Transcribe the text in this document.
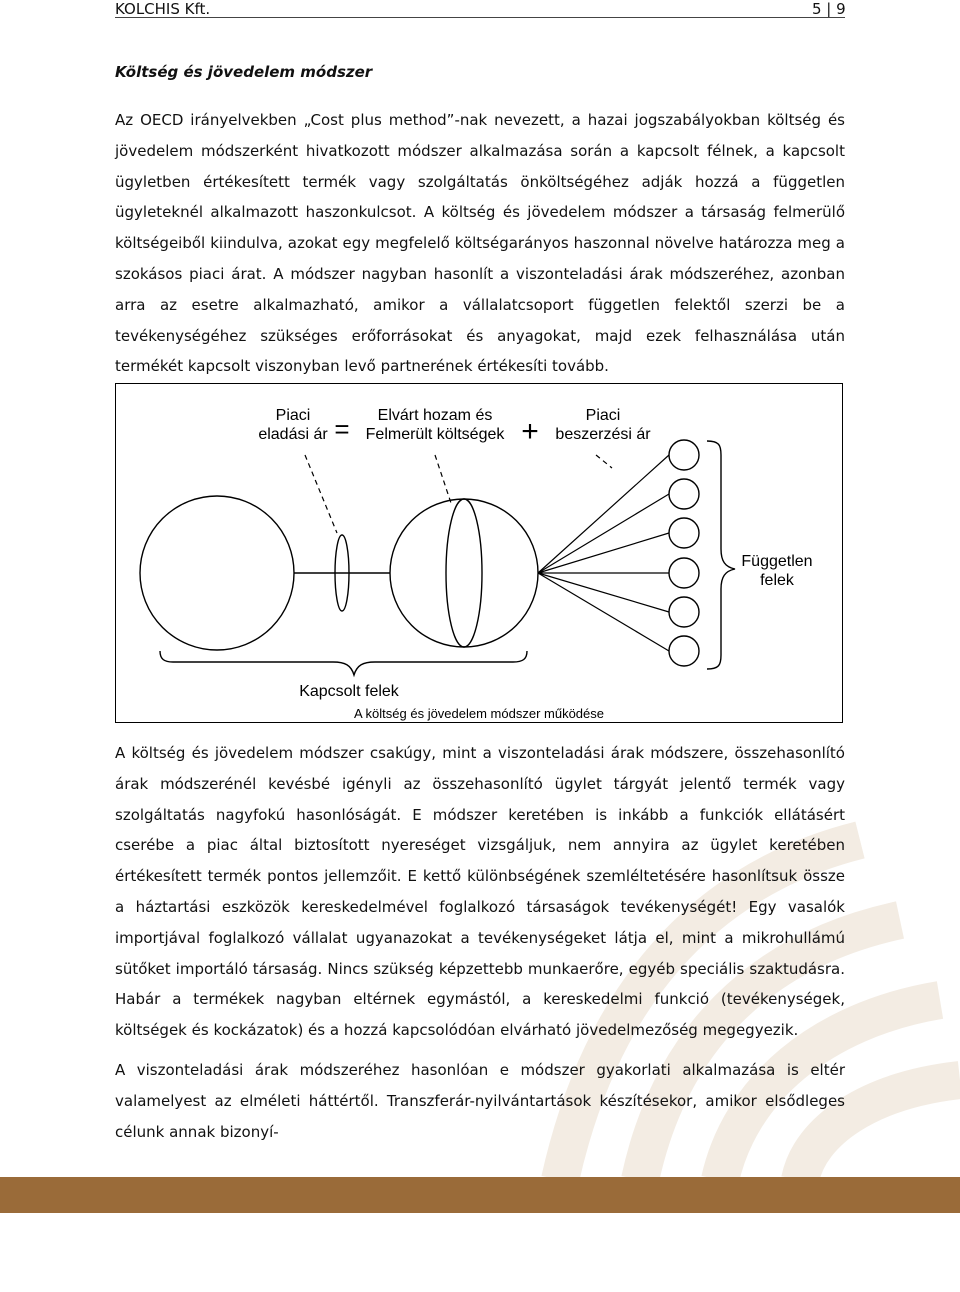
KOLCHIS Kft.	5 | 9
Költség és jövedelem módszer

Az OECD irányelvekben „Cost plus method”-nak nevezett, a hazai jogszabályokban költség és jövedelem módszerként hivatkozott módszer alkalmazása során a kapcsolt félnek, a kapcsolt ügyletben értékesített termék vagy szolgáltatás önköltségéhez adják hozzá a független ügyleteknél alkalmazott haszonkulcsot. A költség és jövedelem módszer a társaság felmerülő költségeiből kiindulva, azokat egy megfelelő költségarányos haszonnal növelve határozza meg a szokásos piaci árat. A módszer nagyban hasonlít a viszonteladási árak módszeréhez, azonban arra az esetre alkalmazható, amikor a vállalatcsoport független felektől szerzi be a tevékenységéhez szükséges erőforrásokat és anyagokat, majd ezek felhasználása után termékét kapcsolt viszonyban levő partnerének értékesíti tovább.

Piaci
eladási ár = Elvárt hozam és
Felmerült költségek +	Piaci
beszerzési ár
Független
felek
Kapcsolt felek
A költség és jövedelem módszer működése

A költség és jövedelem módszer csakúgy, mint a viszonteladási árak módszere, összehasonlító árak módszerénél kevésbé igényli az összehasonlító ügylet tárgyát jelentő termék vagy szolgáltatás nagyfokú hasonlóságát. E módszer keretében is inkább a funkciók ellátásért cserébe a piac által biztosított nyereséget vizsgáljuk, nem annyira az ügylet keretében értékesített termék pontos jellemzőit. E kettő különbségének szemléltetésére hasonlítsuk össze a háztartási eszközök kereskedelmével foglalkozó társaságok tevékenységét! Egy vasalók importjával foglalkozó vállalat ugyanazokat a tevékenységeket látja el, mint a mikrohullámú sütőket importáló társaság. Nincs szükség képzettebb munkaerőre, egyéb speciális szaktudásra. Habár a termékek nagyban eltérnek egymástól, a kereskedelmi funkció (tevékenységek, költségek és kockázatok) és a hozzá kapcsolódóan elvárható jövedelmezőség megegyezik.

A viszonteladási árak módszeréhez hasonlóan e módszer gyakorlati alkalmazása is eltér valamelyest az elméleti háttértől. Transzferár-nyilvántartások készítésekor, amikor elsődleges célunk annak bizonyí-
